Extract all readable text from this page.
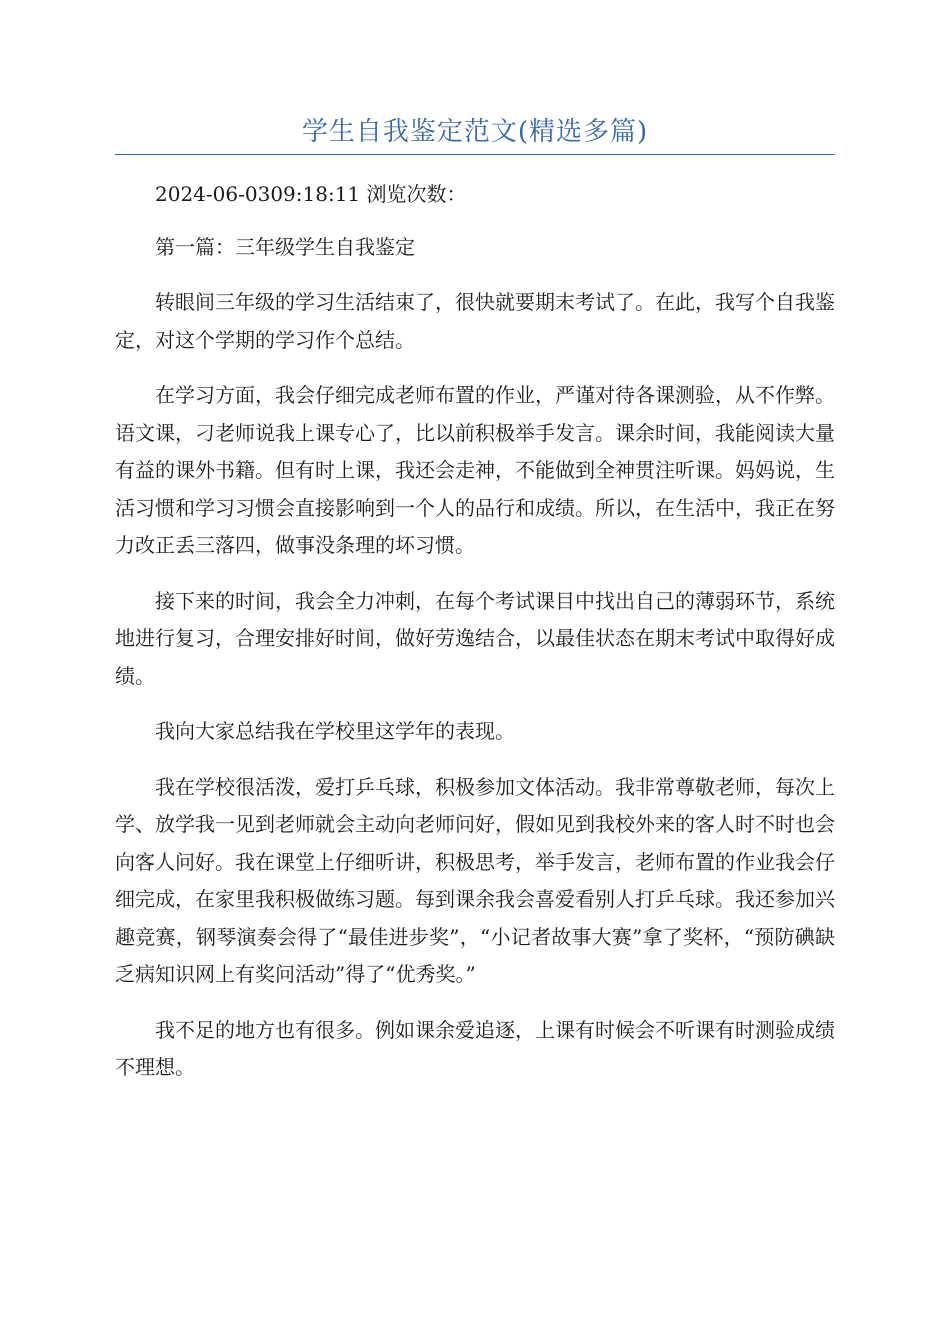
学生自我鉴定范文(精选多篇)

2024-06-0309:18:11 浏览次数：

第一篇：三年级学生自我鉴定

转眼间三年级的学习生活结束了，很快就要期末考试了。在此，我写个自我鉴定，对这个学期的学习作个总结。

在学习方面，我会仔细完成老师布置的作业，严谨对待各课测验，从不作弊。语文课，刁老师说我上课专心了，比以前积极举手发言。课余时间，我能阅读大量有益的课外书籍。但有时上课，我还会走神，不能做到全神贯注听课。妈妈说，生活习惯和学习习惯会直接影响到一个人的品行和成绩。所以，在生活中，我正在努力改正丢三落四，做事没条理的坏习惯。

接下来的时间，我会全力冲刺，在每个考试课目中找出自己的薄弱环节，系统地进行复习，合理安排好时间，做好劳逸结合，以最佳状态在期末考试中取得好成绩。

我向大家总结我在学校里这学年的表现。

我在学校很活泼，爱打乒乓球，积极参加文体活动。我非常尊敬老师，每次上学、放学我一见到老师就会主动向老师问好，假如见到我校外来的客人时不时也会向客人问好。我在课堂上仔细听讲，积极思考，举手发言，老师布置的作业我会仔细完成，在家里我积极做练习题。每到课余我会喜爱看别人打乒乓球。我还参加兴趣竞赛，钢琴演奏会得了“最佳进步奖”，“小记者故事大赛”拿了奖杯，“预防碘缺乏病知识网上有奖问活动”得了“优秀奖。”

我不足的地方也有很多。例如课余爱追逐，上课有时候会不听课有时测验成绩不理想。
